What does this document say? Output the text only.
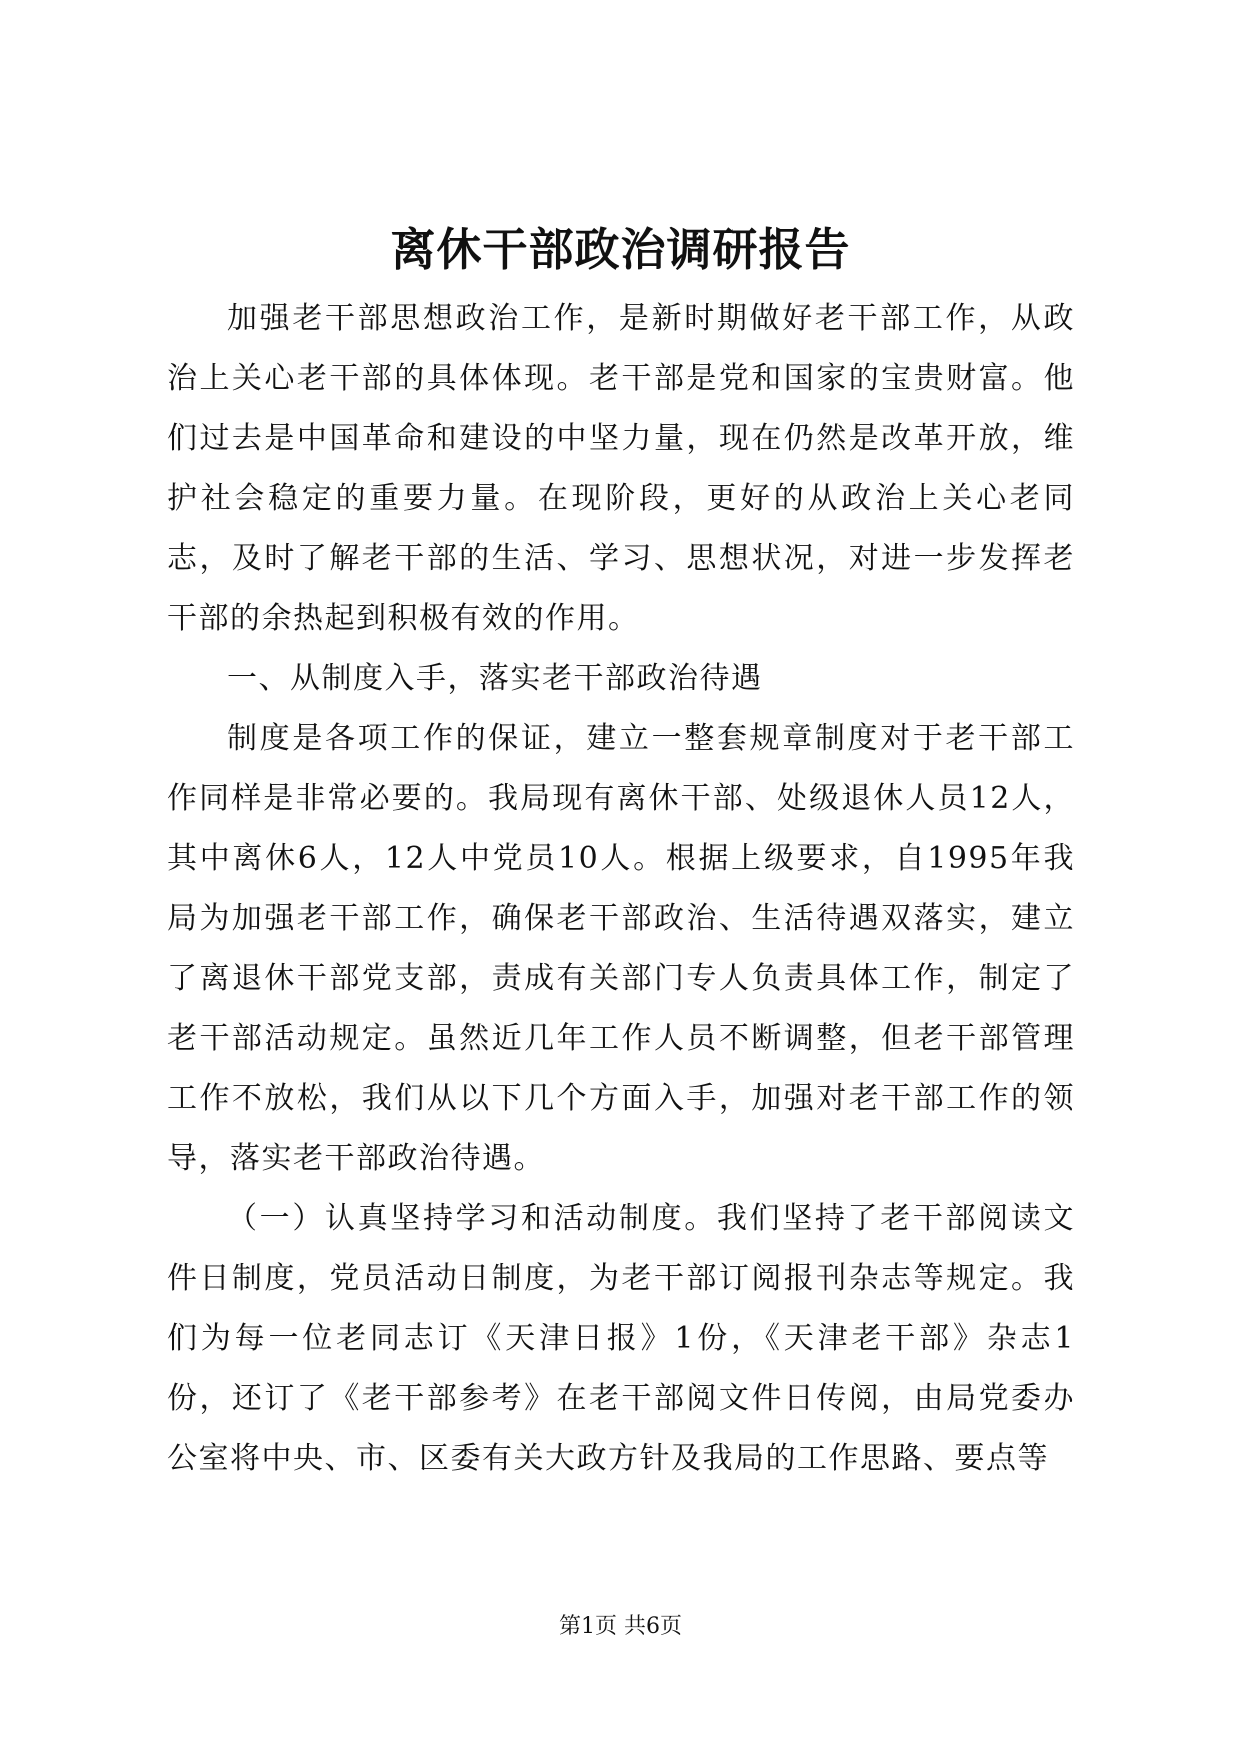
离休干部政治调研报告

加强老干部思想政治工作，是新时期做好老干部工作，从政治上关心老干部的具体体现。老干部是党和国家的宝贵财富。他们过去是中国革命和建设的中坚力量，现在仍然是改革开放，维护社会稳定的重要力量。在现阶段，更好的从政治上关心老同志，及时了解老干部的生活、学习、思想状况，对进一步发挥老干部的余热起到积极有效的作用。

一、从制度入手，落实老干部政治待遇

制度是各项工作的保证，建立一整套规章制度对于老干部工作同样是非常必要的。我局现有离休干部、处级退休人员12人，其中离休6人，12人中党员10人。根据上级要求，自1995年我局为加强老干部工作，确保老干部政治、生活待遇双落实，建立了离退休干部党支部，责成有关部门专人负责具体工作，制定了老干部活动规定。虽然近几年工作人员不断调整，但老干部管理工作不放松，我们从以下几个方面入手，加强对老干部工作的领导，落实老干部政治待遇。

（一）认真坚持学习和活动制度。我们坚持了老干部阅读文件日制度，党员活动日制度，为老干部订阅报刊杂志等规定。我们为每一位老同志订《天津日报》1份，《天津老干部》杂志1份，还订了《老干部参考》在老干部阅文件日传阅，由局党委办公室将中央、市、区委有关大政方针及我局的工作思路、要点等

第1页 共6页
